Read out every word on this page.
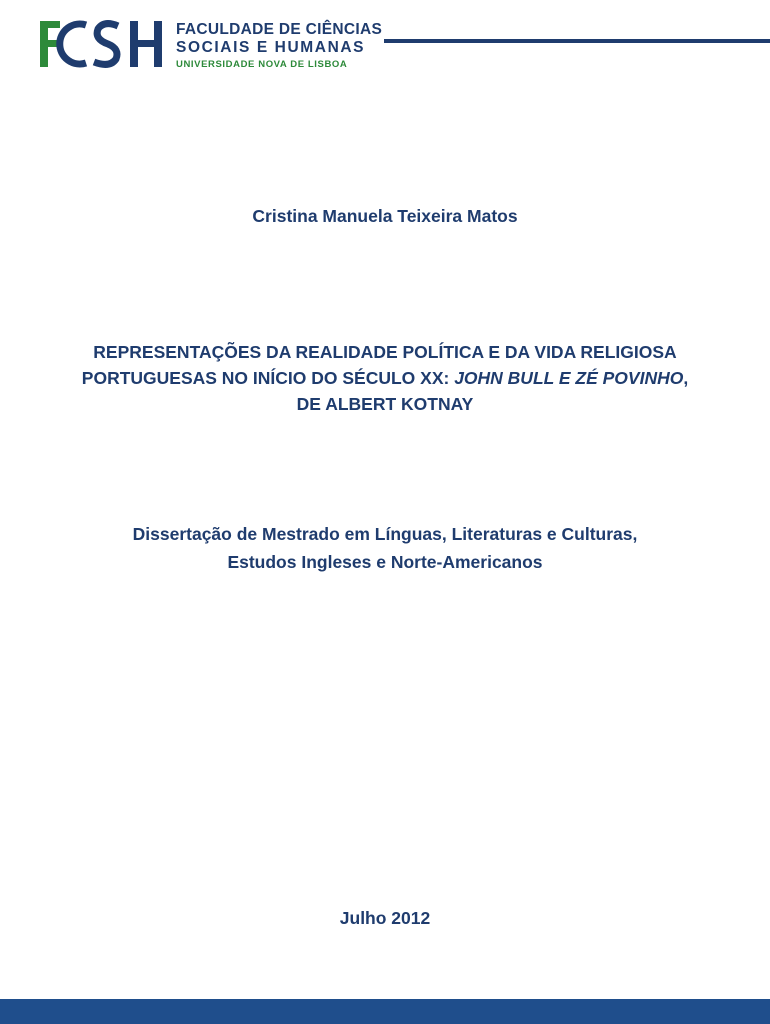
FACULDADE DE CIÊNCIAS
SOCIAIS E HUMANAS
UNIVERSIDADE NOVA DE LISBOA
Cristina Manuela Teixeira Matos
REPRESENTAÇÕES DA REALIDADE POLÍTICA E DA VIDA RELIGIOSA
PORTUGUESAS NO INÍCIO DO SÉCULO XX: JOHN BULL E ZÉ POVINHO,
DE ALBERT KOTNAY
Dissertação de Mestrado em Línguas, Literaturas e Culturas,
Estudos Ingleses e Norte-Americanos
Julho 2012
